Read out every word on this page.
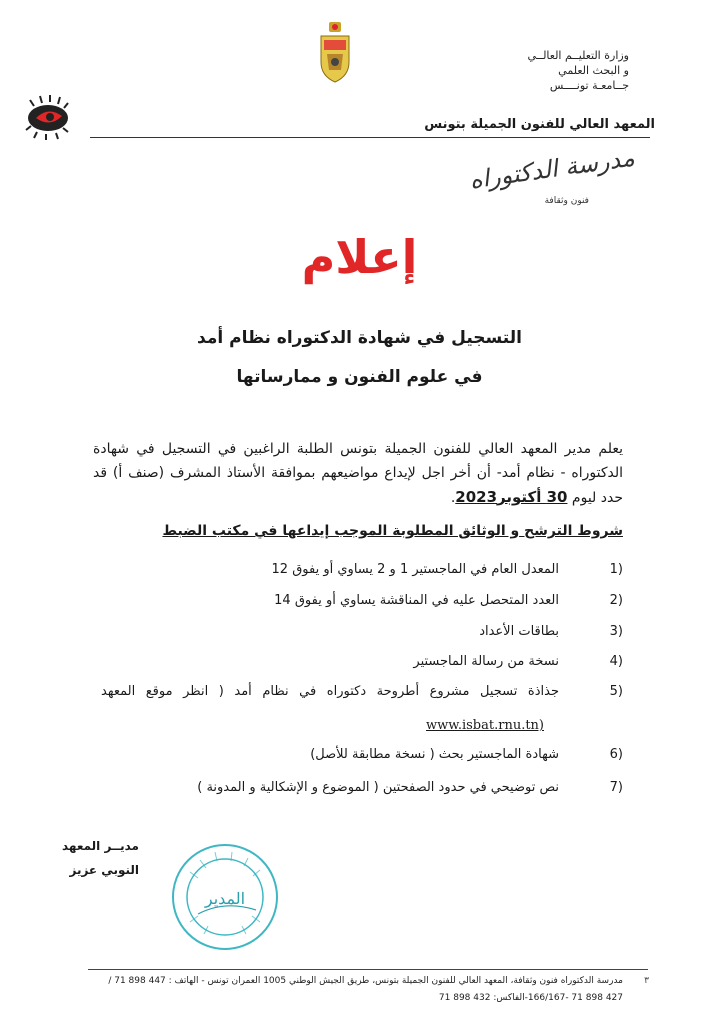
وزارة التعليــم العالــي
و البحث العلمي
جــامعـة تونــــس
المعهد العالي للفنون الجميلة بتونس
مدرسة الدكتوراه
فنون وثقافة
إعلام
التسجيل في شهادة الدكتوراه نظام أمد
في علوم الفنون و ممارساتها
يعلم مدير المعهد العالي للفنون الجميلة بتونس الطلبة الراغبين في التسجيل في شهادة الدكتوراه - نظام أمد- أن أخر اجل لإيداع مواضيعهم بموافقة الأستاذ المشرف (صنف أ) قد حدد ليوم 30 أكتوبر2023.
شروط الترشح و الوثائق المطلوبة الموجب إيداعها في مكتب الضبط
1)
المعدل العام في الماجستير 1 و 2 يساوي أو يفوق 12
2)
العدد المتحصل عليه في المناقشة يساوي أو يفوق 14
3)
بطاقات الأعداد
4)
نسخة من رسالة الماجستير
5)
جذاذة تسجيل مشروع أطروحة دكتوراه في نظام أمد ( انظر موقع المعهد
www.isbat.rnu.tn)
6)
شهادة الماجستير بحث ( نسخة مطابقة للأصل)
7)
نص توضيحي في حدود الصفحتين ( الموضوع و الإشكالية و المدونة )
مديــر المعهد
النوبي عزيز
المدير
مدرسة الدكتوراه فنون وثقافة، المعهد العالي للفنون الجميلة بتونس، طريق الجيش الوطني 1005 العمران تونس - الهاتف : 447 898 71 /
427 898 71 -166/167-الفاكس: 432 898 71
٣
